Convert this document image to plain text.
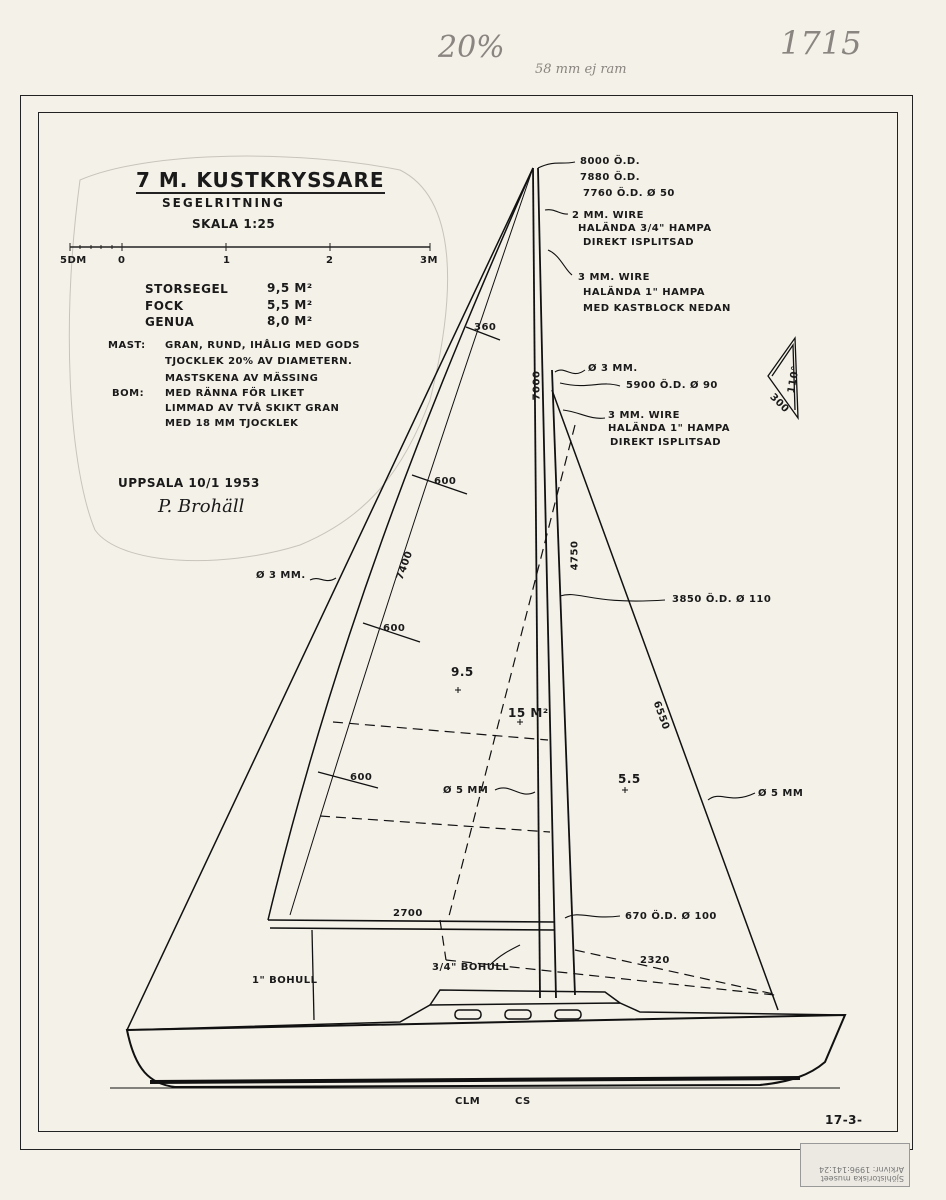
20%
58 mm ej ram
1715
7 M. KUSTKRYSSARE
SEGELRITNING
SKALA 1:25
5DM	0	1	2	3M
STORSEGEL	9,5 M²
FOCK	5,5 M²
GENUA	8,0 M²
MAST: GRAN, RUND, IHÅLIG MED GODS
TJOCKLEK 20% AV DIAMETERN.
MASTSKENA AV MÄSSING
BOM: MED RÄNNA FÖR LIKET
LIMMAD AV TVÅ SKIKT GRAN
MED 18 MM TJOCKLEK
UPPSALA 10/1 1953
P. Brohäll
8000 Ö.D.
7880 Ö.D.
7760 Ö.D. Ø 50
2 MM. WIRE
HALÄNDА 3/4" HAMPA
DIREKT ISPLITSAD
3 MM. WIRE
HALÄNDА 1" HAMPA
MED KASTBLOCK NEDAN
Ø 3 MM.
5900 Ö.D. Ø 90
3 MM. WIRE
HALÄNDА 1" HAMPA
DIREKT ISPLITSAD
3850 Ö.D. Ø 110
670 Ö.D. Ø 100
Ø 3 MM.	7400
360
600
600
600
9.5
15 M²
5.5
Ø 5 MM	Ø 5 MM
6550
2700
2320
7000
4750
1" BOHULL
3/4" BOHULL
CLM	CS
110°
300
17-3-
Sjöhistoriska museet
Arkivnr: 1996:141:24
